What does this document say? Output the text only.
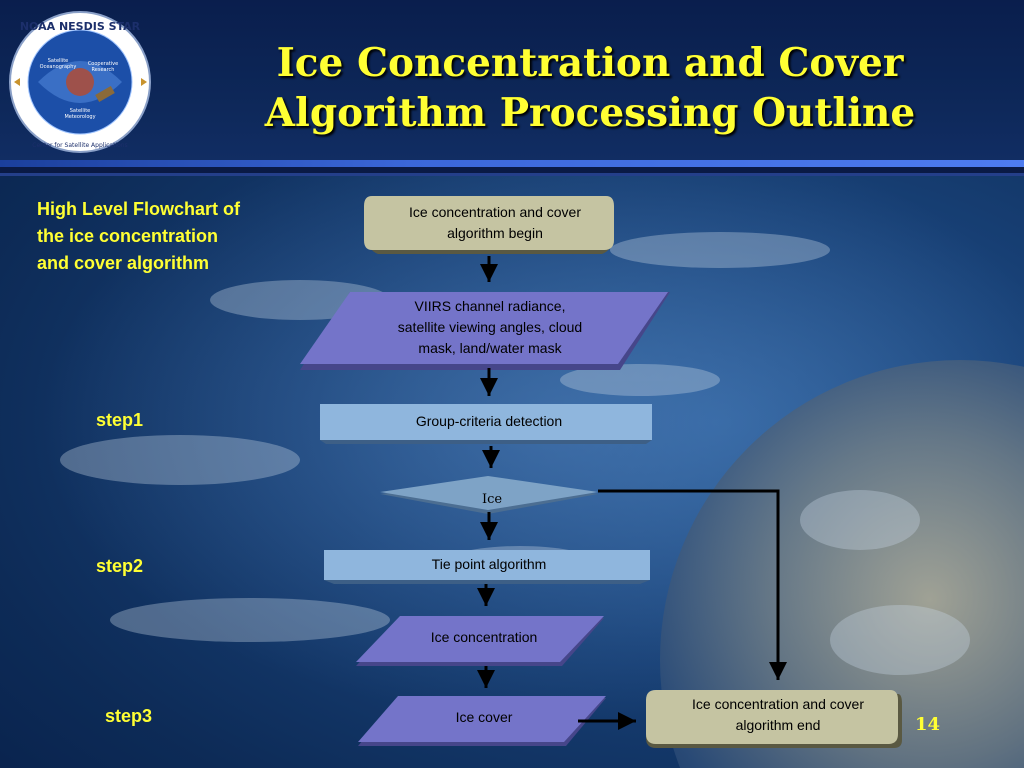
NOAA NESDIS STAR
Center for Satellite Applications
Satellite
Oceanography Cooperative
Research
Satellite
Meteorology
Ice Concentration and Cover
Algorithm Processing Outline
High Level Flowchart of
the ice concentration
and cover algorithm
step1
step2
step3
Ice concentration and cover
algorithm begin
VIIRS channel radiance,
satellite viewing angles, cloud
mask, land/water mask
Group-criteria detection
Ice
Tie point algorithm
Ice concentration
Ice cover
Ice concentration and cover
algorithm end	14
